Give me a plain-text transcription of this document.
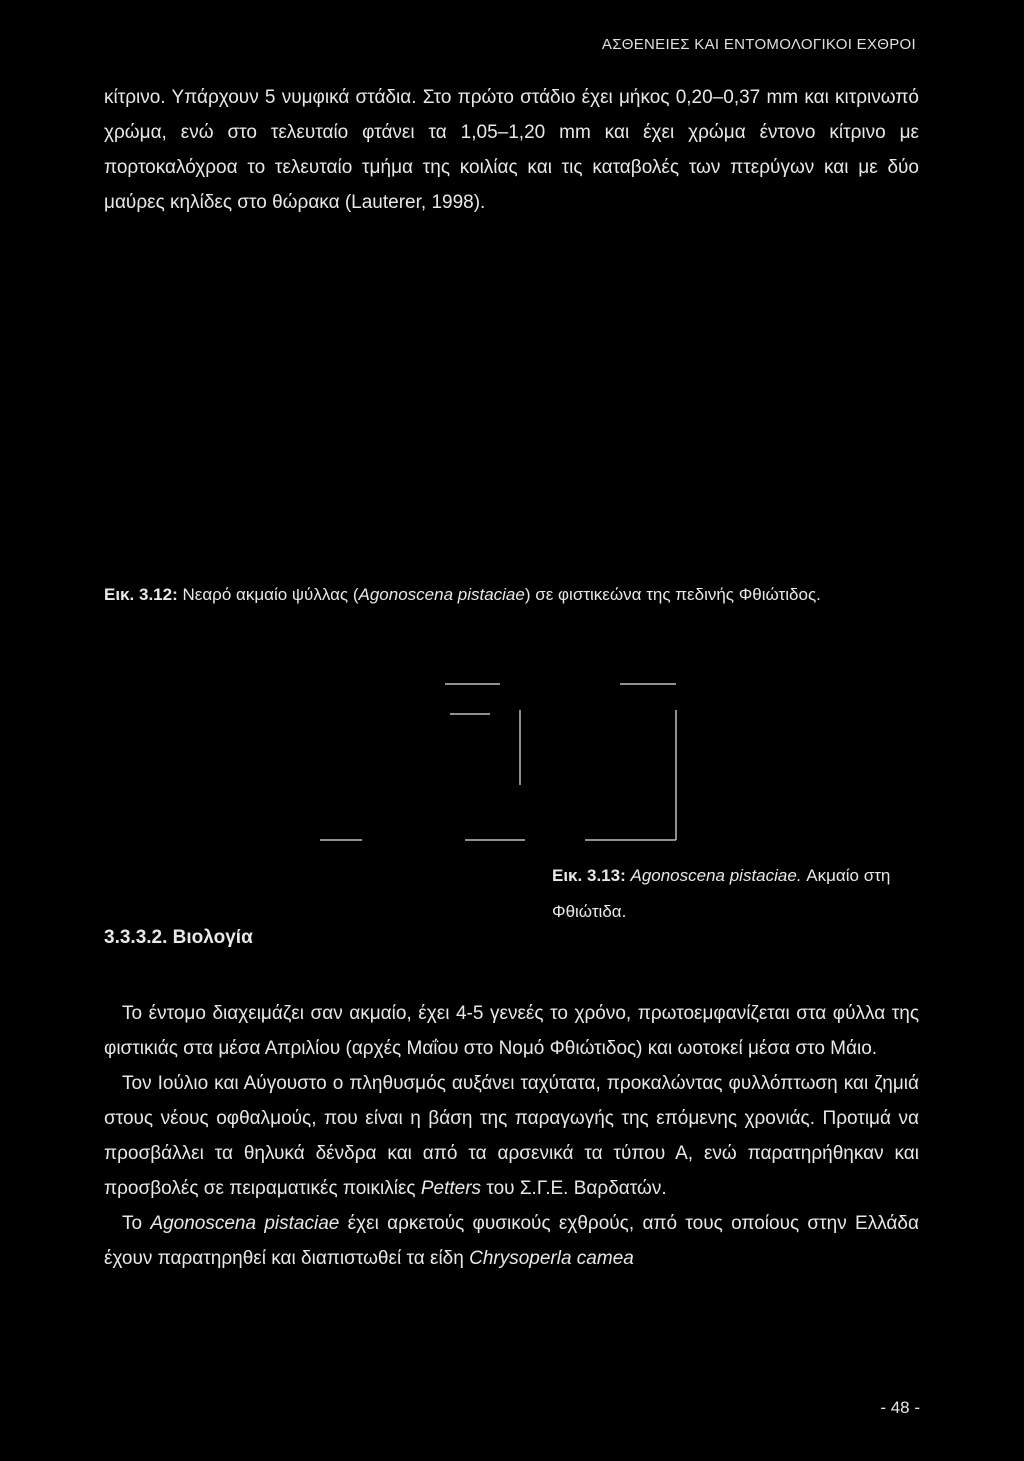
ΑΣΘΕΝΕΙΕΣ ΚΑΙ ΕΝΤΟΜΟΛΟΓΙΚΟΙ ΕΧΘΡΟΙ

κίτρινο. Υπάρχουν 5 νυμφικά στάδια. Στο πρώτο στάδιο έχει μήκος 0,20–0,37 mm και κιτρινωπό χρώμα, ενώ στο τελευταίο φτάνει τα 1,05–1,20 mm και έχει χρώμα έντονο κίτρινο με πορτοκαλόχροα το τελευταίο τμήμα της κοιλίας και τις καταβολές των πτερύγων και με δύο μαύρες κηλίδες στο θώρακα (Lauterer, 1998).

Εικ. 3.12: Νεαρό ακμαίο ψύλλας (Agonoscena pistaciae) σε φιστικεώνα της πεδινής Φθιώτιδος.
Εικ. 3.13: Agonoscena pistaciae. Ακμαίο στη Φθιώτιδα.
3.3.3.2. Βιολογία

Το έντομο διαχειμάζει σαν ακμαίο, έχει 4-5 γενεές το χρόνο, πρωτοεμφανίζεται στα φύλλα της φιστικιάς στα μέσα Απριλίου (αρχές Μαΐου στο Νομό Φθιώτιδος) και ωοτοκεί μέσα στο Μάιο.

Τον Ιούλιο και Αύγουστο ο πληθυσμός αυξάνει ταχύτατα, προκαλώντας φυλλόπτωση και ζημιά στους νέους οφθαλμούς, που είναι η βάση της παραγωγής της επόμενης χρονιάς. Προτιμά να προσβάλλει τα θηλυκά δένδρα και από τα αρσενικά τα τύπου Α, ενώ παρατηρήθηκαν και προσβολές σε πειραματικές ποικιλίες Petters του Σ.Γ.Ε. Βαρδατών.

Το Agonoscena pistaciae έχει αρκετούς φυσικούς εχθρούς, από τους οποίους στην Ελλάδα έχουν παρατηρηθεί και διαπιστωθεί τα είδη Chrysoperla camea

- 48 -
